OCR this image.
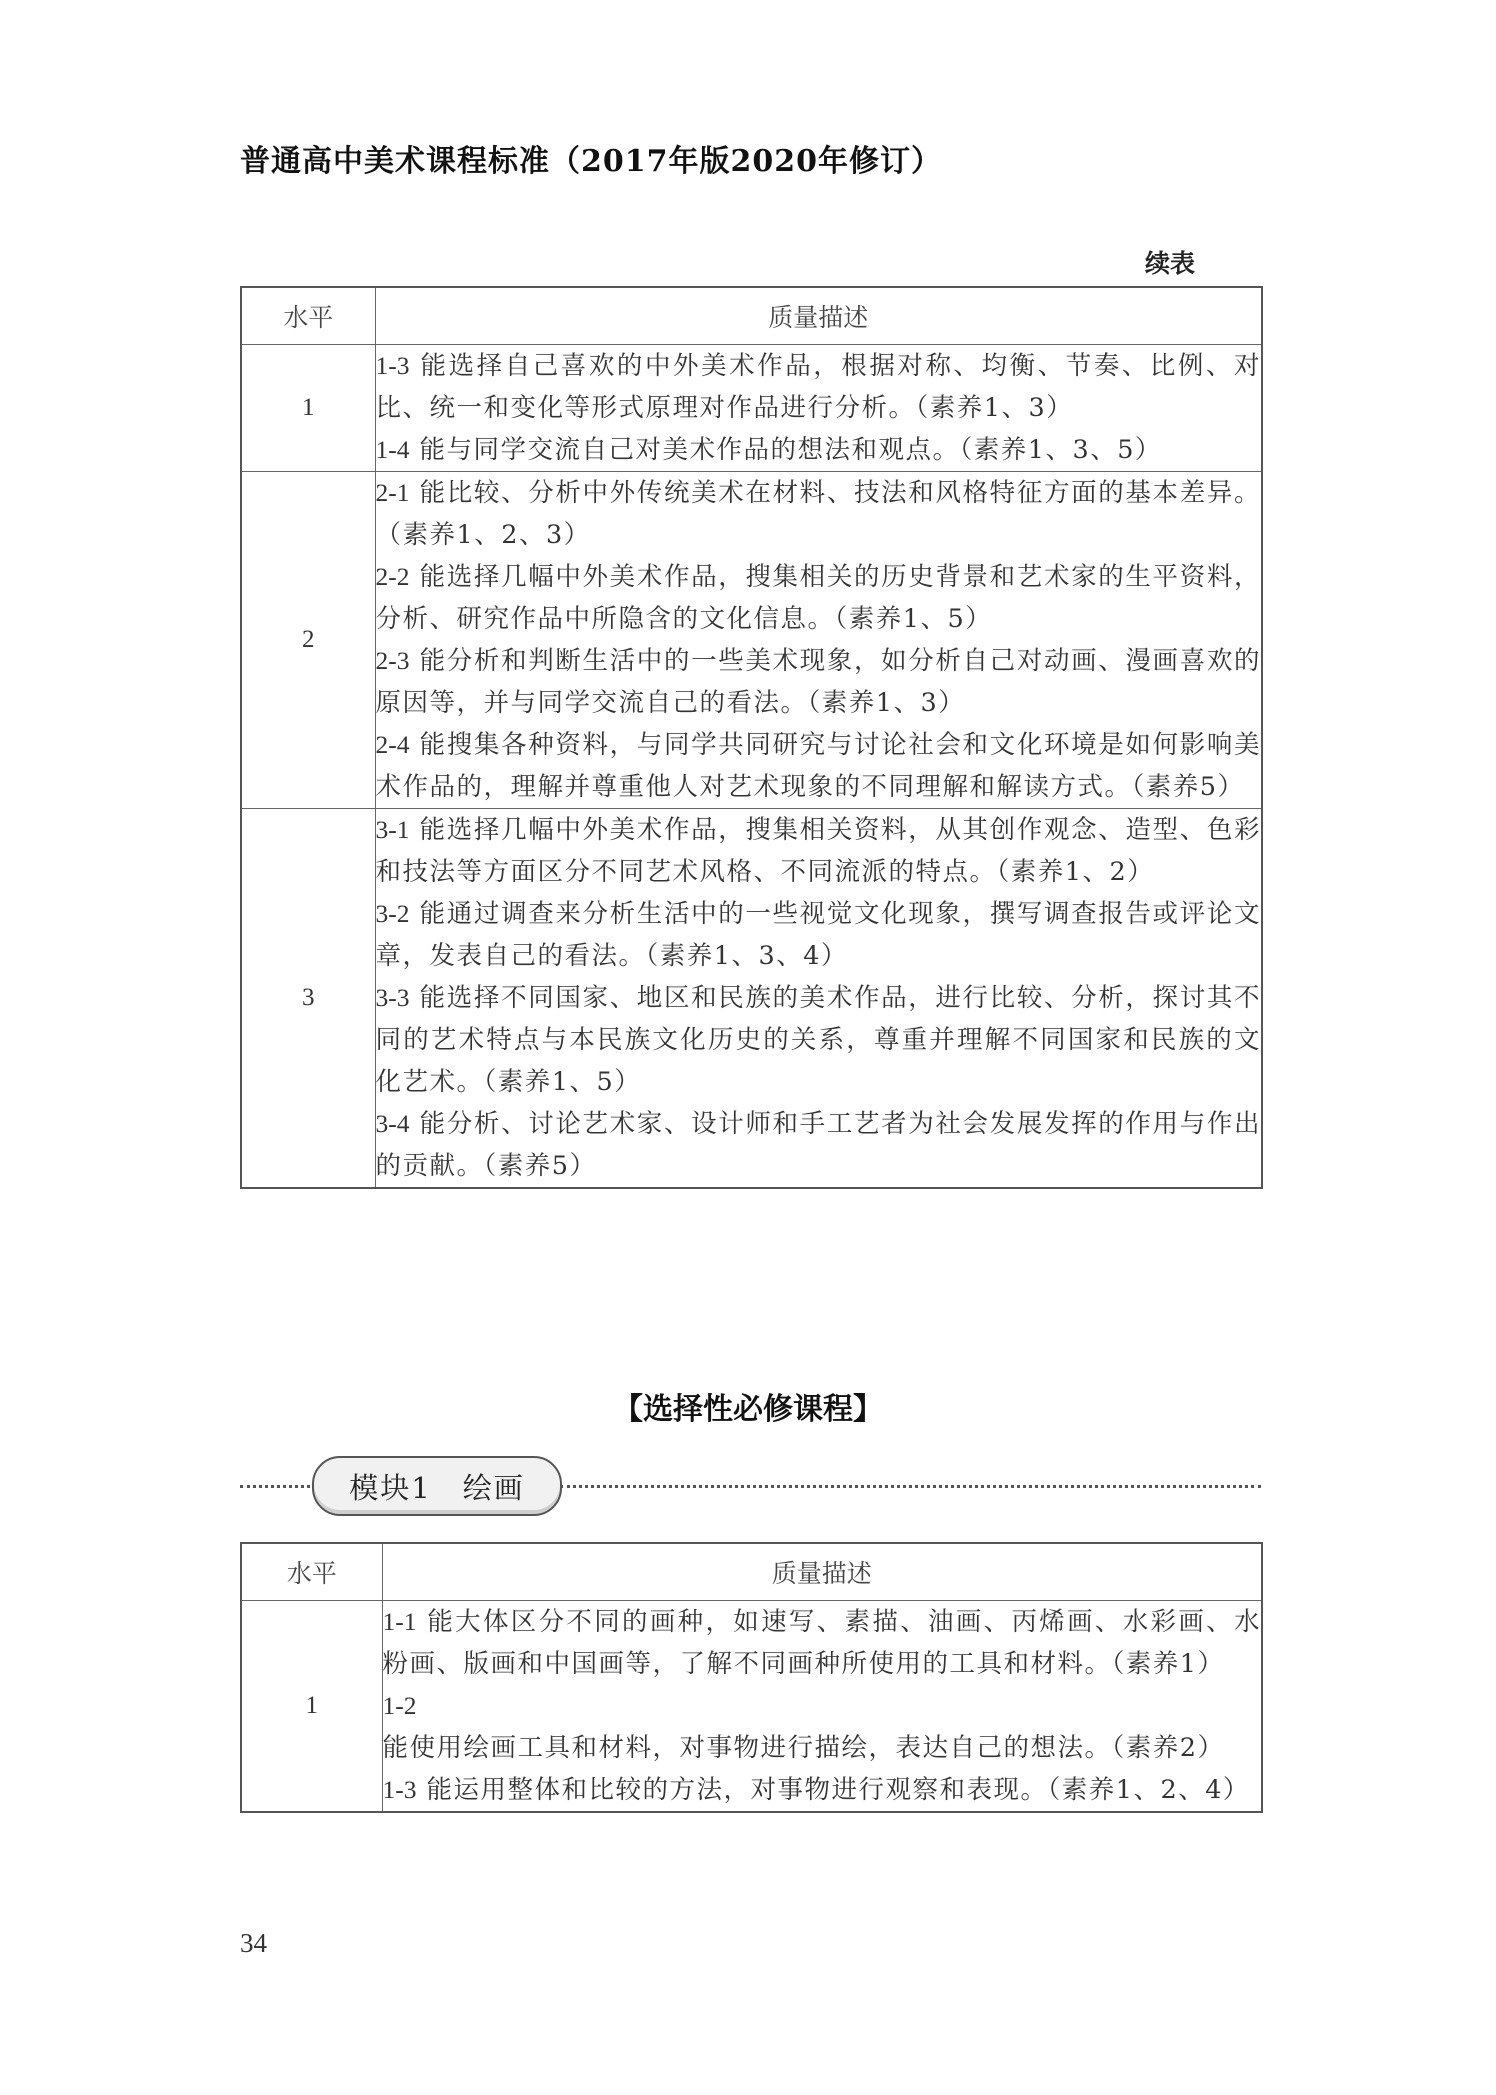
普通高中美术课程标准（2017年版2020年修订）
续表
水平	质量描述
1	1-3 能选择自己喜欢的中外美术作品，根据对称、均衡、节奏、比例、对比、统一和变化等形式原理对作品进行分析。（素养1、3）
1-4 能与同学交流自己对美术作品的想法和观点。（素养1、3、5）

2	2-1 能比较、分析中外传统美术在材料、技法和风格特征方面的基本差异。（素养1、2、3）
2-2 能选择几幅中外美术作品，搜集相关的历史背景和艺术家的生平资料，分析、研究作品中所隐含的文化信息。（素养1、5）
2-3 能分析和判断生活中的一些美术现象，如分析自己对动画、漫画喜欢的原因等，并与同学交流自己的看法。（素养1、3）
2-4 能搜集各种资料，与同学共同研究与讨论社会和文化环境是如何影响美术作品的，理解并尊重他人对艺术现象的不同理解和解读方式。（素养5）

3	3-1 能选择几幅中外美术作品，搜集相关资料，从其创作观念、造型、色彩和技法等方面区分不同艺术风格、不同流派的特点。（素养1、2）
3-2 能通过调查来分析生活中的一些视觉文化现象，撰写调查报告或评论文章，发表自己的看法。（素养1、3、4）
3-3 能选择不同国家、地区和民族的美术作品，进行比较、分析，探讨其不同的艺术特点与本民族文化历史的关系，尊重并理解不同国家和民族的文化艺术。（素养1、5）
3-4 能分析、讨论艺术家、设计师和手工艺者为社会发展发挥的作用与作出的贡献。（素养5）
【选择性必修课程】
模块1　绘画
水平	质量描述
1	1-1 能大体区分不同的画种，如速写、素描、油画、丙烯画、水彩画、水粉画、版画和中国画等，了解不同画种所使用的工具和材料。（素养1）
1-2能使用绘画工具和材料，对事物进行描绘，表达自己的想法。（素养2）
1-3 能运用整体和比较的方法，对事物进行观察和表现。（素养1、2、4）
34
